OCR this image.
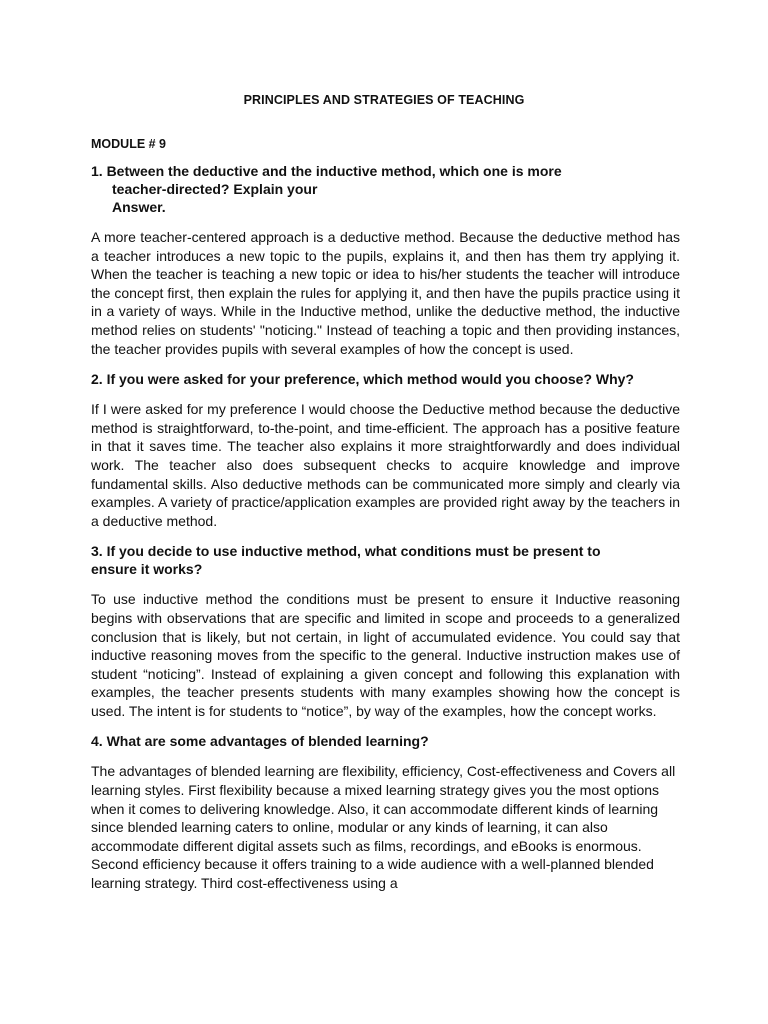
PRINCIPLES AND STRATEGIES OF TEACHING
MODULE # 9
1. Between the deductive and the inductive method, which one is more
teacher-directed? Explain your
Answer.

A more teacher-centered approach is a deductive method. Because the deductive method has a teacher introduces a new topic to the pupils, explains it, and then has them try applying it. When the teacher is teaching a new topic or idea to his/her students the teacher will introduce the concept first, then explain the rules for applying it, and then have the pupils practice using it in a variety of ways. While in the Inductive method, unlike the deductive method, the inductive method relies on students' "noticing." Instead of teaching a topic and then providing instances, the teacher provides pupils with several examples of how the concept is used.

2. If you were asked for your preference, which method would you choose? Why?

If I were asked for my preference I would choose the Deductive method because the deductive method is straightforward, to-the-point, and time-efficient. The approach has a positive feature in that it saves time. The teacher also explains it more straightforwardly and does individual work. The teacher also does subsequent checks to acquire knowledge and improve fundamental skills. Also deductive methods can be communicated more simply and clearly via examples. A variety of practice/application examples are provided right away by the teachers in a deductive method.

3. If you decide to use inductive method, what conditions must be present to
ensure it works?

To use inductive method the conditions must be present to ensure it Inductive reasoning begins with observations that are specific and limited in scope and proceeds to a generalized conclusion that is likely, but not certain, in light of accumulated evidence. You could say that inductive reasoning moves from the specific to the general. Inductive instruction makes use of student “noticing”. Instead of explaining a given concept and following this explanation with examples, the teacher presents students with many examples showing how the concept is used. The intent is for students to “notice”, by way of the examples, how the concept works.

4. What are some advantages of blended learning?

The advantages of blended learning are flexibility, efficiency, Cost-effectiveness and Covers all learning styles. First flexibility because a mixed learning strategy gives you the most options when it comes to delivering knowledge. Also, it can accommodate different kinds of learning since blended learning caters to online, modular or any kinds of learning, it can also accommodate different digital assets such as films, recordings, and eBooks is enormous. Second efficiency because it offers training to a wide audience with a well-planned blended learning strategy. Third cost-effectiveness using a
